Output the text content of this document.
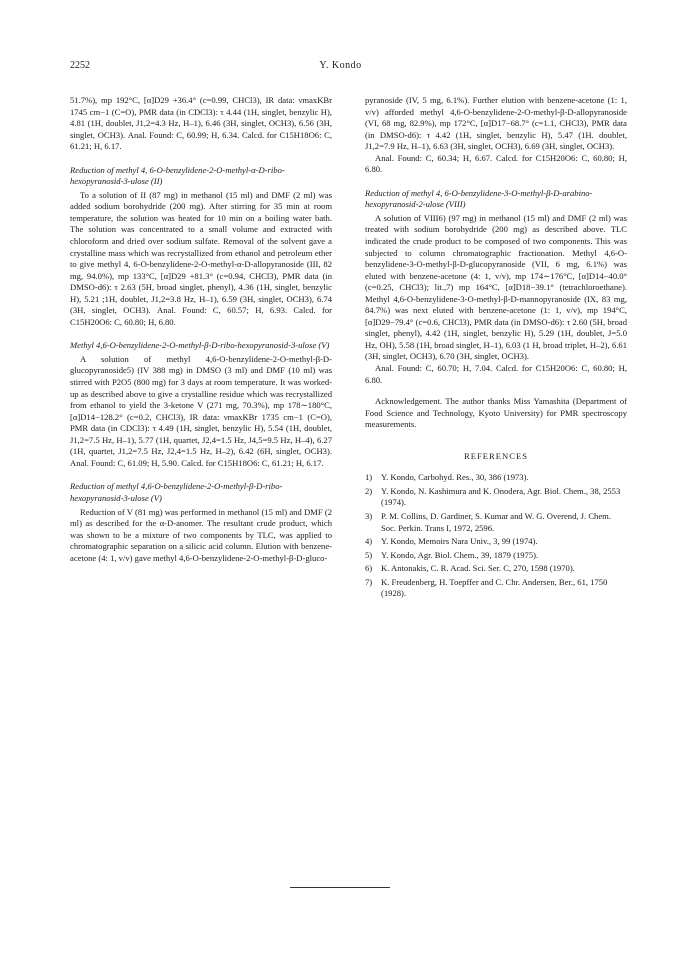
2252	Y. Kondo

51.7%), mp 192°C, [α]D29 +36.4° (c=0.99, CHCl3), IR data: νmaxKBr 1745 cm−1 (C=O), PMR data (in CDCl3): τ 4.44 (1H, singlet, benzylic H), 4.81 (1H, doublet, J1,2=4.3 Hz, H–1), 6.46 (3H, singlet, OCH3), 6.56 (3H, singlet, OCH3). Anal. Found: C, 60.99; H, 6.34. Calcd. for C15H18O6: C, 61.21; H, 6.17.

Reduction of methyl 4, 6-O-benzylidene-2-O-methyl-α-D-ribo-hexopyranosid-3-ulose (II)

To a solution of II (87 mg) in methanol (15 ml) and DMF (2 ml) was added sodium borohydride (200 mg). After stirring for 35 min at room temperature, the solution was heated for 10 min on a boiling water bath. The solution was concentrated to a small volume and extracted with chloroform and dried over sodium sulfate. Removal of the solvent gave a crystalline mass which was recrystallized from ethanol and petroleum ether to give methyl 4, 6-O-benzylidene-2-O-methyl-α-D-allopyranoside (III, 82 mg, 94.0%), mp 133°C, [α]D29 +81.3° (c=0.94, CHCl3), PMR data (in DMSO-d6): τ 2.63 (5H, broad singlet, phenyl), 4.36 (1H, singlet, benzylic H), 5.21 ;1H, doublet, J1,2=3.8 Hz, H–1), 6.59 (3H, singlet, OCH3), 6.74 (3H, singlet, OCH3). Anal. Found: C, 60.57; H, 6.93. Calcd. for C15H20O6: C, 60.80; H, 6.80.

Methyl 4,6-O-benzylidene-2-O-methyl-β-D-ribo-hexopyranosid-3-ulose (V)

A solution of methyl 4,6-O-benzylidene-2-O-methyl-β-D-glucopyranoside5) (IV 388 mg) in DMSO (3 ml) and DMF (10 ml) was stirred with P2O5 (800 mg) for 3 days at room temperature. It was worked-up as described above to give a crystalline residue which was recrystallized from ethanol to yield the 3-ketone V (271 mg, 70.3%), mp 178∼180°C, [α]D14−128.2° (c=0.2, CHCl3), IR data: νmaxKBr 1735 cm−1 (C=O), PMR data (in CDCl3): τ 4.49 (1H, singlet, benzylic H), 5.54 (1H, doublet, J1,2=7.5 Hz, H–1), 5.77 (1H, quartet, J2,4=1.5 Hz, J4,5=9.5 Hz, H–4), 6.27 (1H, quartet, J1,2=7.5 Hz, J2,4=1.5 Hz, H–2), 6.42 (6H, singlet, OCH3). Anal. Found: C, 61.09; H, 5.90. Calcd. for C15H18O6: C, 61.21; H, 6.17.

Reduction of methyl 4,6-O-benzylidene-2-O-methyl-β-D-ribo-hexopyranosid-3-ulose (V)

Reduction of V (81 mg) was performed in methanol (15 ml) and DMF (2 ml) as described for the α-D-anomer. The resultant crude product, which was shown to be a mixture of two components by TLC, was applied to chromatographic separation on a silicic acid column. Elution with benzene-acetone (4: 1, v/v) gave methyl 4,6-O-benzylidene-2-O-methyl-β-D-gluco-

pyranoside (IV, 5 mg, 6.1%). Further elution with benzene-acetone (1: 1, v/v) afforded methyl 4,6-O-benzylidene-2-O-methyl-β-D-allopyranoside (VI, 68 mg, 82.9%), mp 172°C, [α]D17−68.7° (c=1.1, CHCl3), PMR data (in DMSO-d6): τ 4.42 (1H, singlet, benzylic H), 5.47 (1H. doublet, J1,2=7.9 Hz, H–1), 6.63 (3H, singlet, OCH3), 6.69 (3H, singlet, OCH3).

Anal. Found: C, 60.34; H, 6.67. Calcd. for C15H20O6: C, 60.80; H, 6.80.

Reduction of methyl 4, 6-O-benzylidene-3-O-methyl-β-D-arabino-hexopyranosid-2-ulose (VIII)

A solution of VIII6) (97 mg) in methanol (15 ml) and DMF (2 ml) was treated with sodium borohydride (200 mg) as described above. TLC indicated the crude product to be composed of two components. This was subjected to column chromatographic fractionation. Methyl 4,6-O-benzylidene-3-O-methyl-β-D-glucopyranoside (VII, 6 mg, 6.1%) was eluted with benzene-acetone (4: 1, v/v), mp 174∼176°C, [α]D14−40.0° (c=0.25, CHCl3); lit.,7) mp 164°C, [α]D18−39.1° (tetrachloroethane). Methyl 4,6-O-benzylidene-3-O-methyl-β-D-mannopyranoside (IX, 83 mg, 84.7%) was next eluted with benzene-acetone (1: 1, v/v), mp 194°C, [α]D29−79.4° (c=0.6, CHCl3), PMR data (in DMSO-d6): τ 2.60 (5H, broad singlet, phenyl), 4.42 (1H, singlet, benzylic H), 5.29 (1H, doublet, J=5.0 Hz, OH), 5.58 (1H, broad singlet, H–1), 6.03 (1 H, broad triplet, H–2), 6.61 (3H, singlet, OCH3), 6.70 (3H, singlet, OCH3).

Anal. Found: C, 60.70; H, 7.04. Calcd. for C15H20O6: C, 60.80; H, 6.80.

Acknowledgement. The author thanks Miss Yamashita (Department of Food Science and Technology, Kyoto University) for PMR spectroscopy measurements.

REFERENCES
1)	Y. Kondo, Carbohyd. Res., 30, 386 (1973).
2)	Y. Kondo, N. Kashimura and K. Onodera, Agr. Biol. Chem., 38, 2553 (1974).
3)	P. M. Collins, D. Gardiner, S. Kumar and W. G. Overend, J. Chem. Soc. Perkin. Trans I, 1972, 2596.
4)	Y. Kondo, Memoirs Nara Univ., 3, 99 (1974).
5)	Y. Kondo, Agr. Biol. Chem., 39, 1879 (1975).
6)	K. Antonakis, C. R. Acad. Sci. Ser. C, 270, 1598 (1970).
7)	K. Freudenberg, H. Toepffer and C. Chr. Andersen, Ber., 61, 1750 (1928).
